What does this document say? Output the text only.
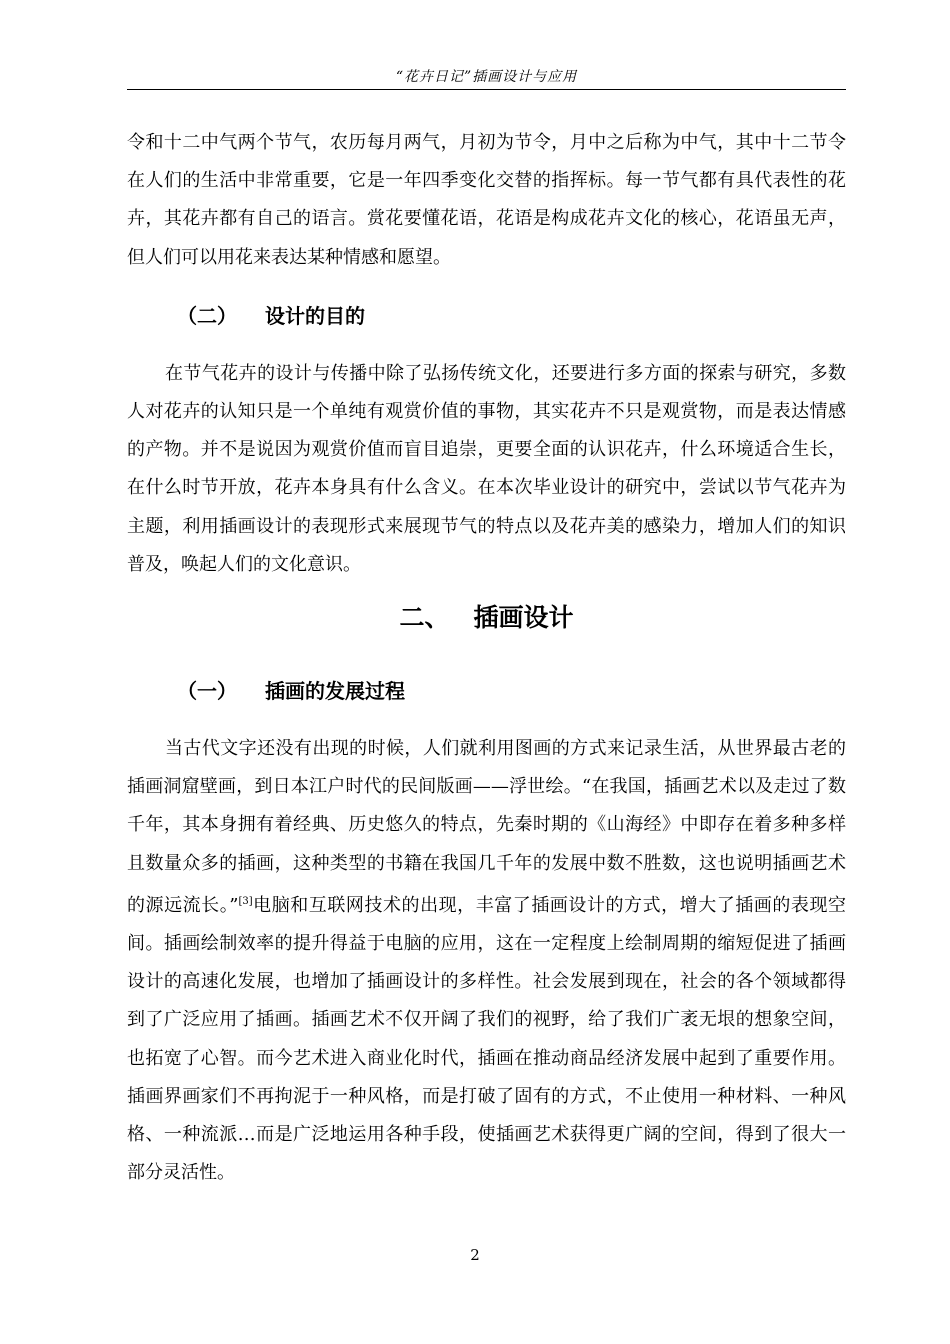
“花卉日记”插画设计与应用

令和十二中气两个节气，农历每月两气，月初为节令，月中之后称为中气，其中十二节令在人们的生活中非常重要，它是一年四季变化交替的指挥标。每一节气都有具代表性的花卉，其花卉都有自己的语言。赏花要懂花语，花语是构成花卉文化的核心，花语虽无声，但人们可以用花来表达某种情感和愿望。

（二） 设计的目的

在节气花卉的设计与传播中除了弘扬传统文化，还要进行多方面的探索与研究，多数人对花卉的认知只是一个单纯有观赏价值的事物，其实花卉不只是观赏物，而是表达情感的产物。并不是说因为观赏价值而盲目追崇，更要全面的认识花卉，什么环境适合生长，在什么时节开放，花卉本身具有什么含义。在本次毕业设计的研究中，尝试以节气花卉为主题，利用插画设计的表现形式来展现节气的特点以及花卉美的感染力，增加人们的知识普及，唤起人们的文化意识。

二、 插画设计
（一） 插画的发展过程

当古代文字还没有出现的时候，人们就利用图画的方式来记录生活，从世界最古老的插画洞窟壁画，到日本江户时代的民间版画——浮世绘。“在我国，插画艺术以及走过了数千年，其本身拥有着经典、历史悠久的特点，先秦时期的《山海经》中即存在着多种多样且数量众多的插画，这种类型的书籍在我国几千年的发展中数不胜数，这也说明插画艺术的源远流长。”[3]电脑和互联网技术的出现，丰富了插画设计的方式，增大了插画的表现空间。插画绘制效率的提升得益于电脑的应用，这在一定程度上绘制周期的缩短促进了插画设计的高速化发展，也增加了插画设计的多样性。社会发展到现在，社会的各个领域都得到了广泛应用了插画。插画艺术不仅开阔了我们的视野，给了我们广袤无垠的想象空间，也拓宽了心智。而今艺术进入商业化时代，插画在推动商品经济发展中起到了重要作用。插画界画家们不再拘泥于一种风格，而是打破了固有的方式，不止使用一种材料、一种风格、一种流派…而是广泛地运用各种手段，使插画艺术获得更广阔的空间，得到了很大一部分灵活性。

2
